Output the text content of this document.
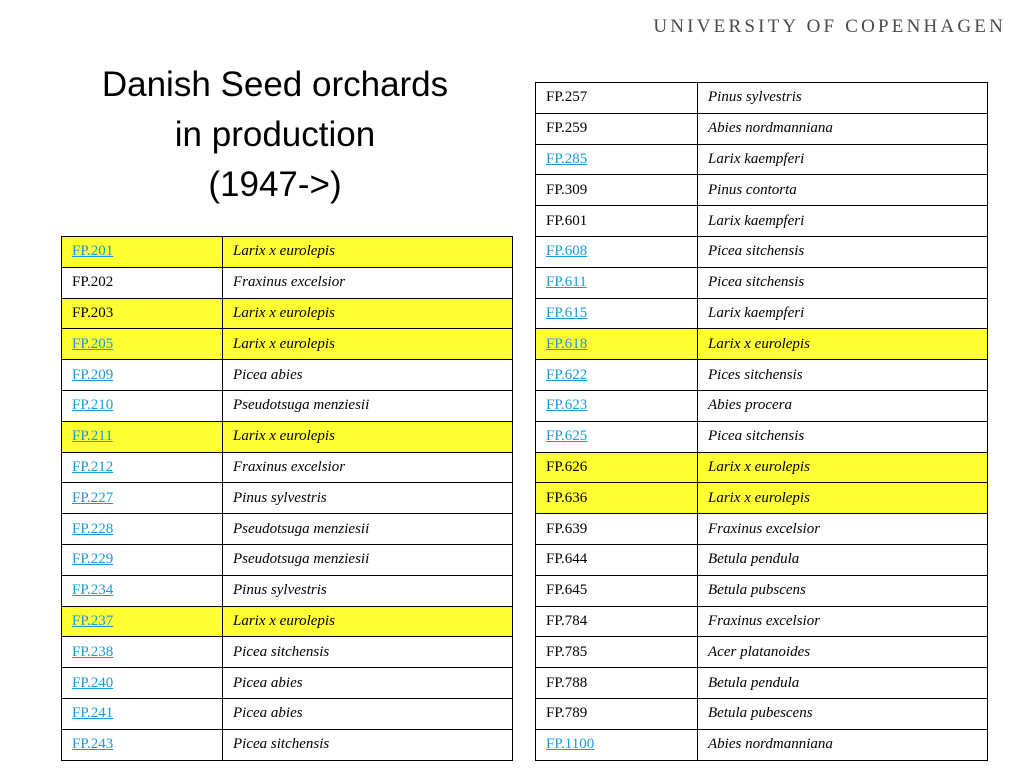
UNIVERSITY OF COPENHAGEN
Danish Seed orchards
in production
(1947->)
FP.201	Larix x eurolepis
FP.202	Fraxinus excelsior
FP.203	Larix x eurolepis
FP.205	Larix x eurolepis
FP.209	Picea abies
FP.210	Pseudotsuga menziesii
FP.211	Larix x eurolepis
FP.212	Fraxinus excelsior
FP.227	Pinus sylvestris
FP.228	Pseudotsuga menziesii
FP.229	Pseudotsuga menziesii
FP.234	Pinus sylvestris
FP.237	Larix x eurolepis
FP.238	Picea sitchensis
FP.240	Picea abies
FP.241	Picea abies
FP.243	Picea sitchensis
FP.257	Pinus sylvestris
FP.259	Abies nordmanniana
FP.285	Larix kaempferi
FP.309	Pinus contorta
FP.601	Larix kaempferi
FP.608	Picea sitchensis
FP.611	Picea sitchensis
FP.615	Larix kaempferi
FP.618	Larix x eurolepis
FP.622	Pices sitchensis
FP.623	Abies procera
FP.625	Picea sitchensis
FP.626	Larix x eurolepis
FP.636	Larix x eurolepis
FP.639	Fraxinus excelsior
FP.644	Betula pendula
FP.645	Betula pubscens
FP.784	Fraxinus excelsior
FP.785	Acer platanoides
FP.788	Betula pendula
FP.789	Betula pubescens
FP.1100	Abies nordmanniana
